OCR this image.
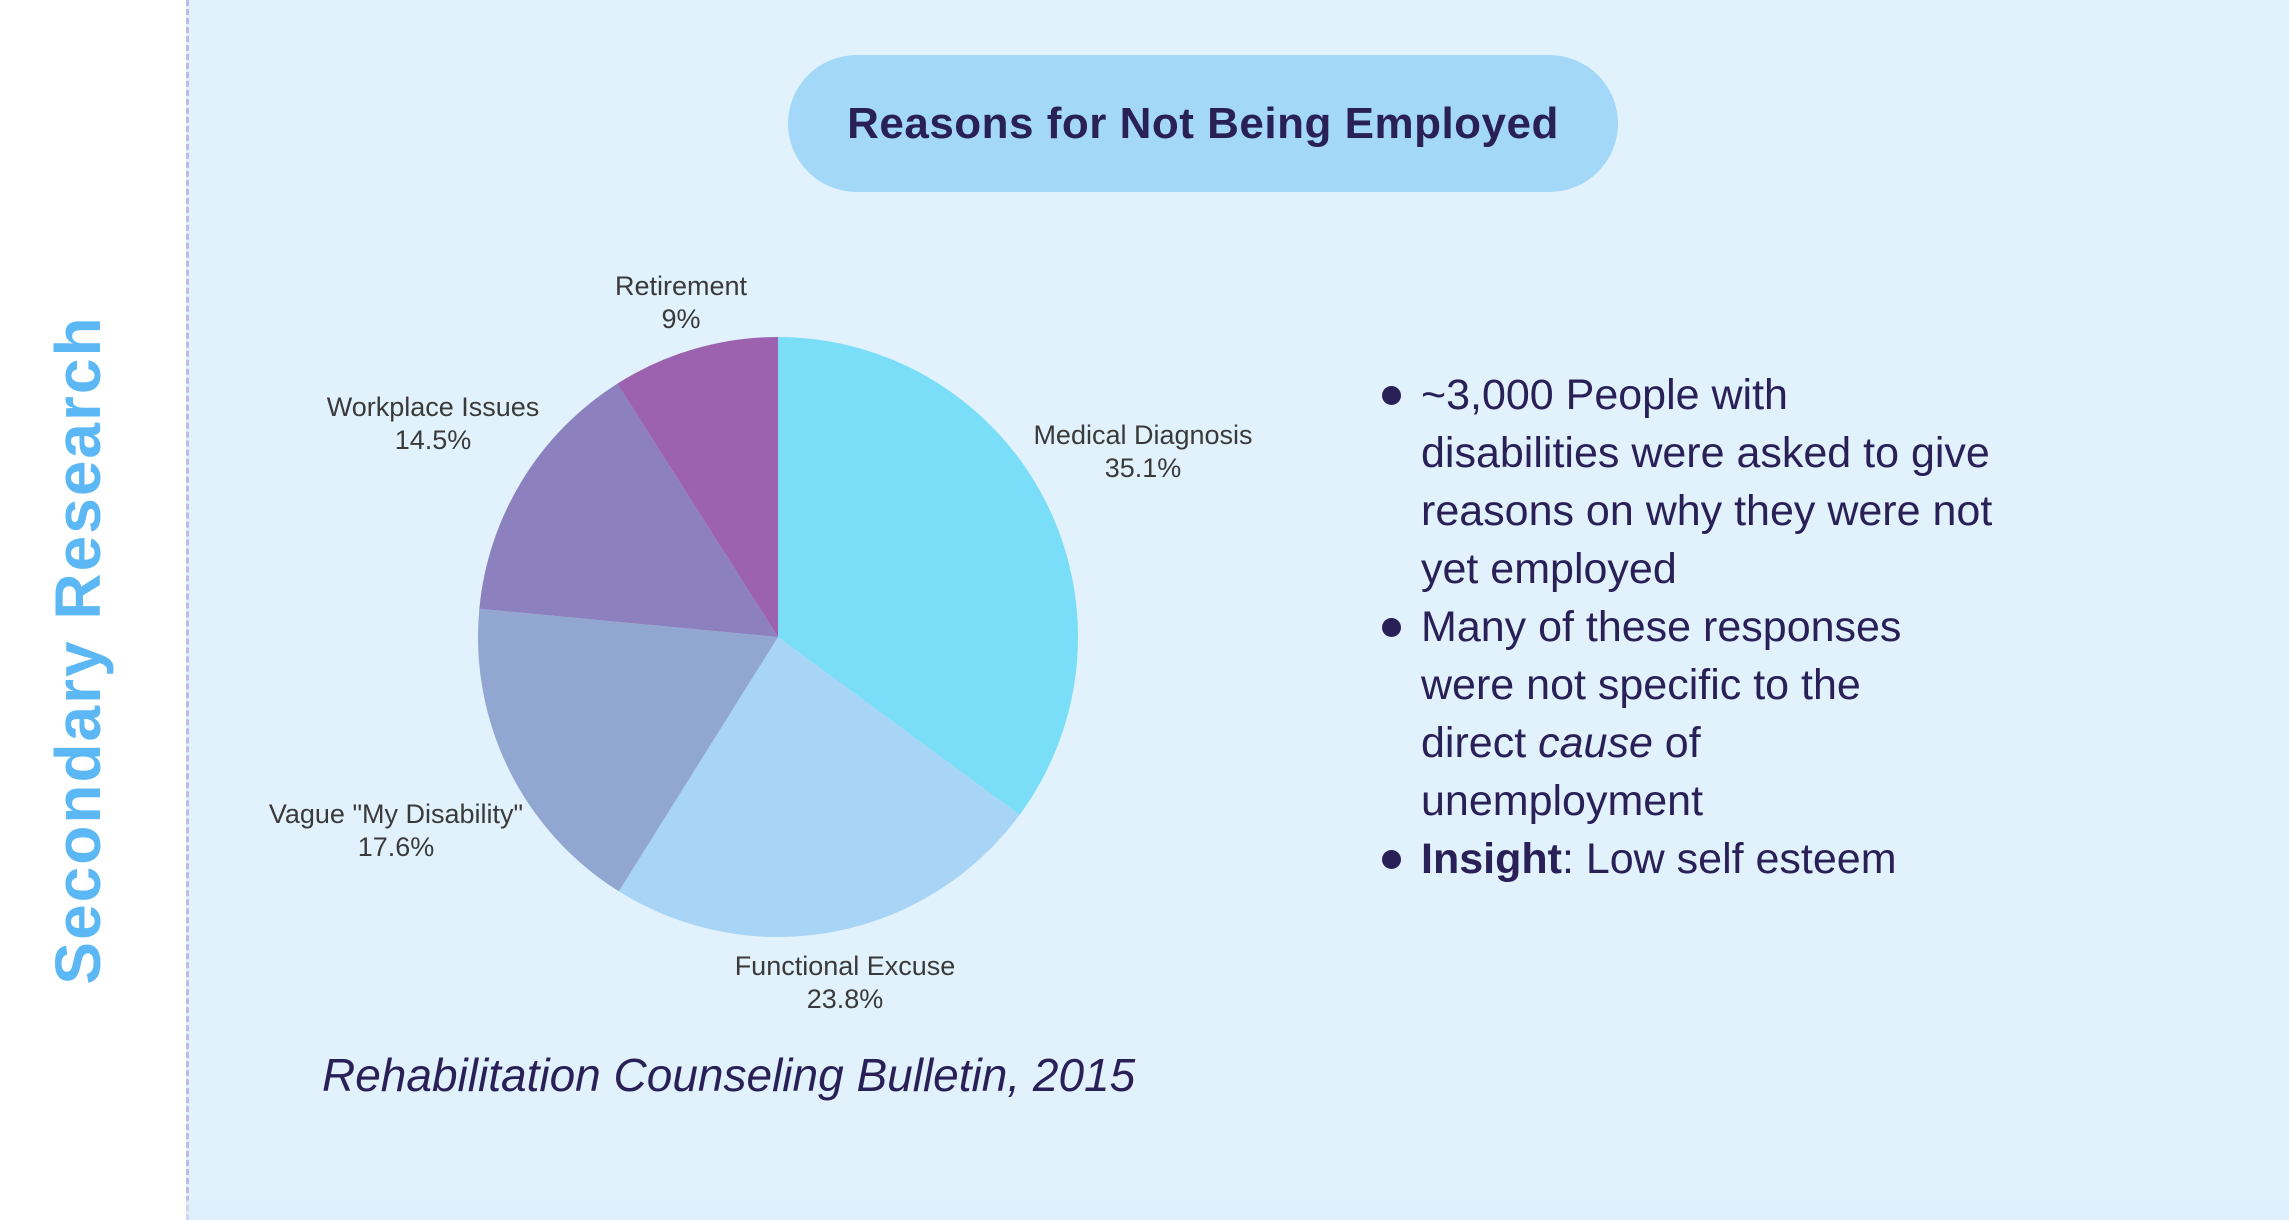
Secondary Research
Reasons for Not Being Employed
Medical Diagnosis
35.1%
Functional Excuse
23.8%
Vague "My Disability"
17.6%
Workplace Issues
14.5%
Retirement
9%
~3,000 People with
disabilities were asked to give
reasons on why they were not
yet employed
Many of these responses
were not specific to the
direct cause of
unemployment
Insight: Low self esteem
Rehabilitation Counseling Bulletin, 2015
